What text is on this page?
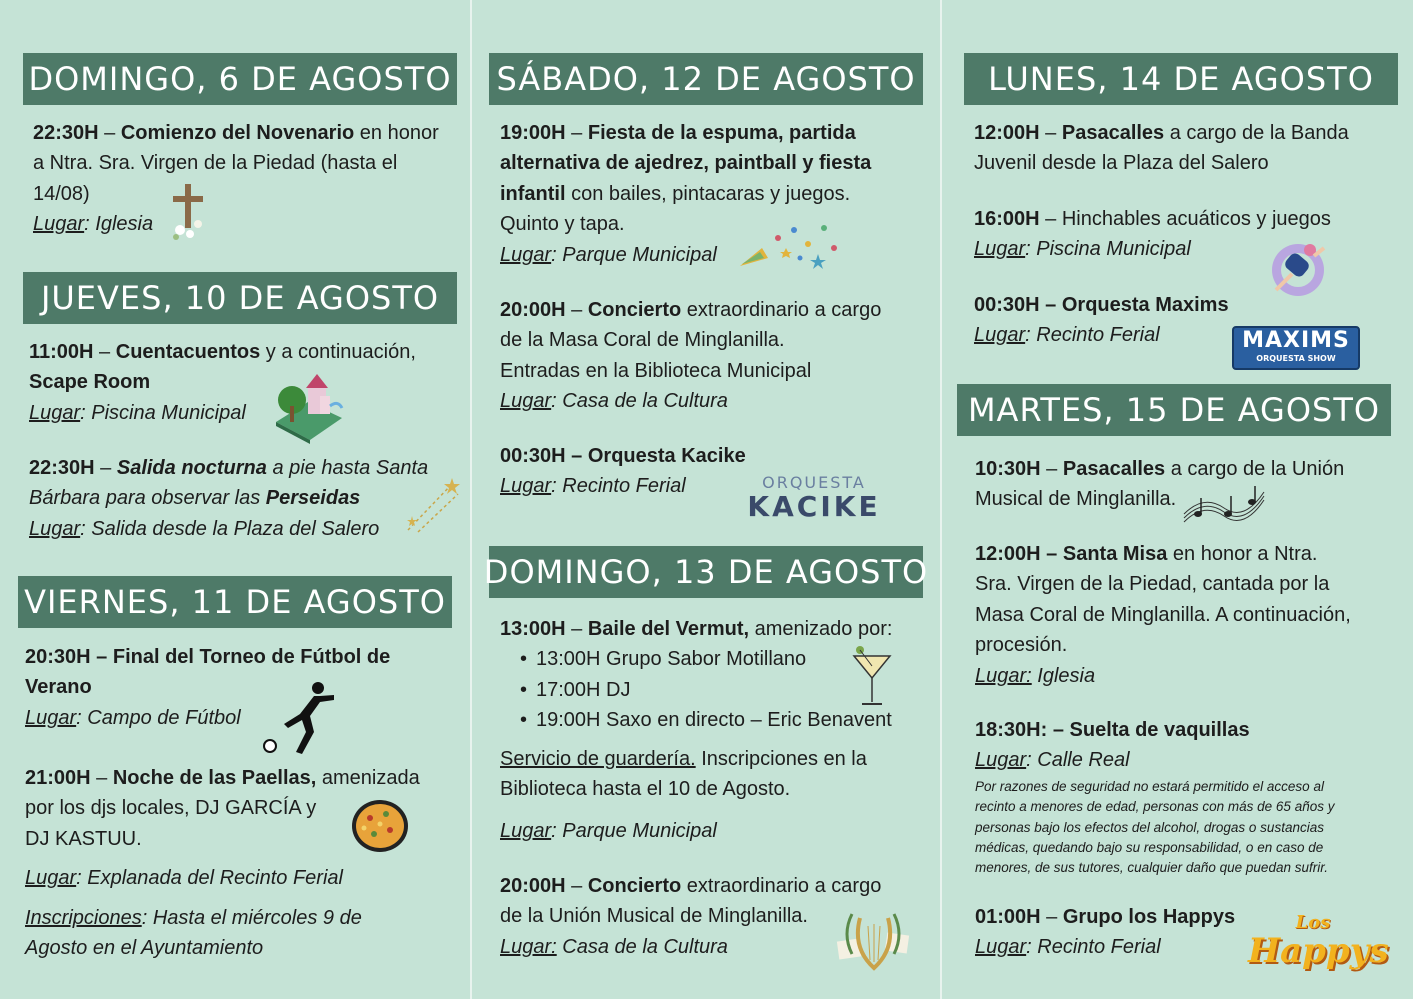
DOMINGO, 6 DE AGOSTO
22:30H – Comienzo del Novenario en honor
a Ntra. Sra. Virgen de la Piedad (hasta el
14/08)
Lugar: Iglesia
JUEVES, 10 DE AGOSTO
11:00H – Cuentacuentos y a continuación,
Scape Room
Lugar: Piscina Municipal
22:30H – Salida nocturna a pie hasta Santa
Bárbara para observar las Perseidas
Lugar: Salida desde la Plaza del Salero
VIERNES, 11 DE AGOSTO
20:30H – Final del Torneo de Fútbol de
Verano
Lugar: Campo de Fútbol
21:00H – Noche de las Paellas, amenizada
por los djs locales, DJ GARCÍA y
DJ KASTUU.
Lugar: Explanada del Recinto Ferial
Inscripciones: Hasta el miércoles 9 de
Agosto en el Ayuntamiento
SÁBADO, 12 DE AGOSTO
19:00H – Fiesta de la espuma, partida
alternativa de ajedrez, paintball y fiesta
infantil con bailes, pintacaras y juegos.
Quinto y tapa.
Lugar: Parque Municipal
20:00H – Concierto extraordinario a cargo
de la Masa Coral de Minglanilla.
Entradas en la Biblioteca Municipal
Lugar: Casa de la Cultura
00:30H – Orquesta Kacike
Lugar: Recinto Ferial	ORQUESTA
KACIKE
DOMINGO, 13 DE AGOSTO
13:00H – Baile del Vermut, amenizado por:
• 13:00H Grupo Sabor Motillano
• 17:00H DJ
• 19:00H Saxo en directo – Eric Benavent
Servicio de guardería. Inscripciones en la
Biblioteca hasta el 10 de Agosto.
Lugar: Parque Municipal
20:00H – Concierto extraordinario a cargo
de la Unión Musical de Minglanilla.
Lugar: Casa de la Cultura
LUNES, 14 DE AGOSTO
12:00H – Pasacalles a cargo de la Banda
Juvenil desde la Plaza del Salero
16:00H – Hinchables acuáticos y juegos
Lugar: Piscina Municipal
00:30H – Orquesta Maxims
Lugar: Recinto Ferial	MAXIMS
ORQUESTA SHOW
MARTES, 15 DE AGOSTO
10:30H – Pasacalles a cargo de la Unión
Musical de Minglanilla.
12:00H – Santa Misa en honor a Ntra.
Sra. Virgen de la Piedad, cantada por la
Masa Coral de Minglanilla. A continuación,
procesión.
Lugar: Iglesia
18:30H: – Suelta de vaquillas
Lugar: Calle Real
Por razones de seguridad no estará permitido el acceso al
recinto a menores de edad, personas con más de 65 años y
personas bajo los efectos del alcohol, drogas o sustancias
médicas, quedando bajo su responsabilidad, o en caso de
menores, de sus tutores, cualquier daño que puedan sufrir.
01:00H – Grupo los Happys
Lugar: Recinto Ferial
Los
Happys
